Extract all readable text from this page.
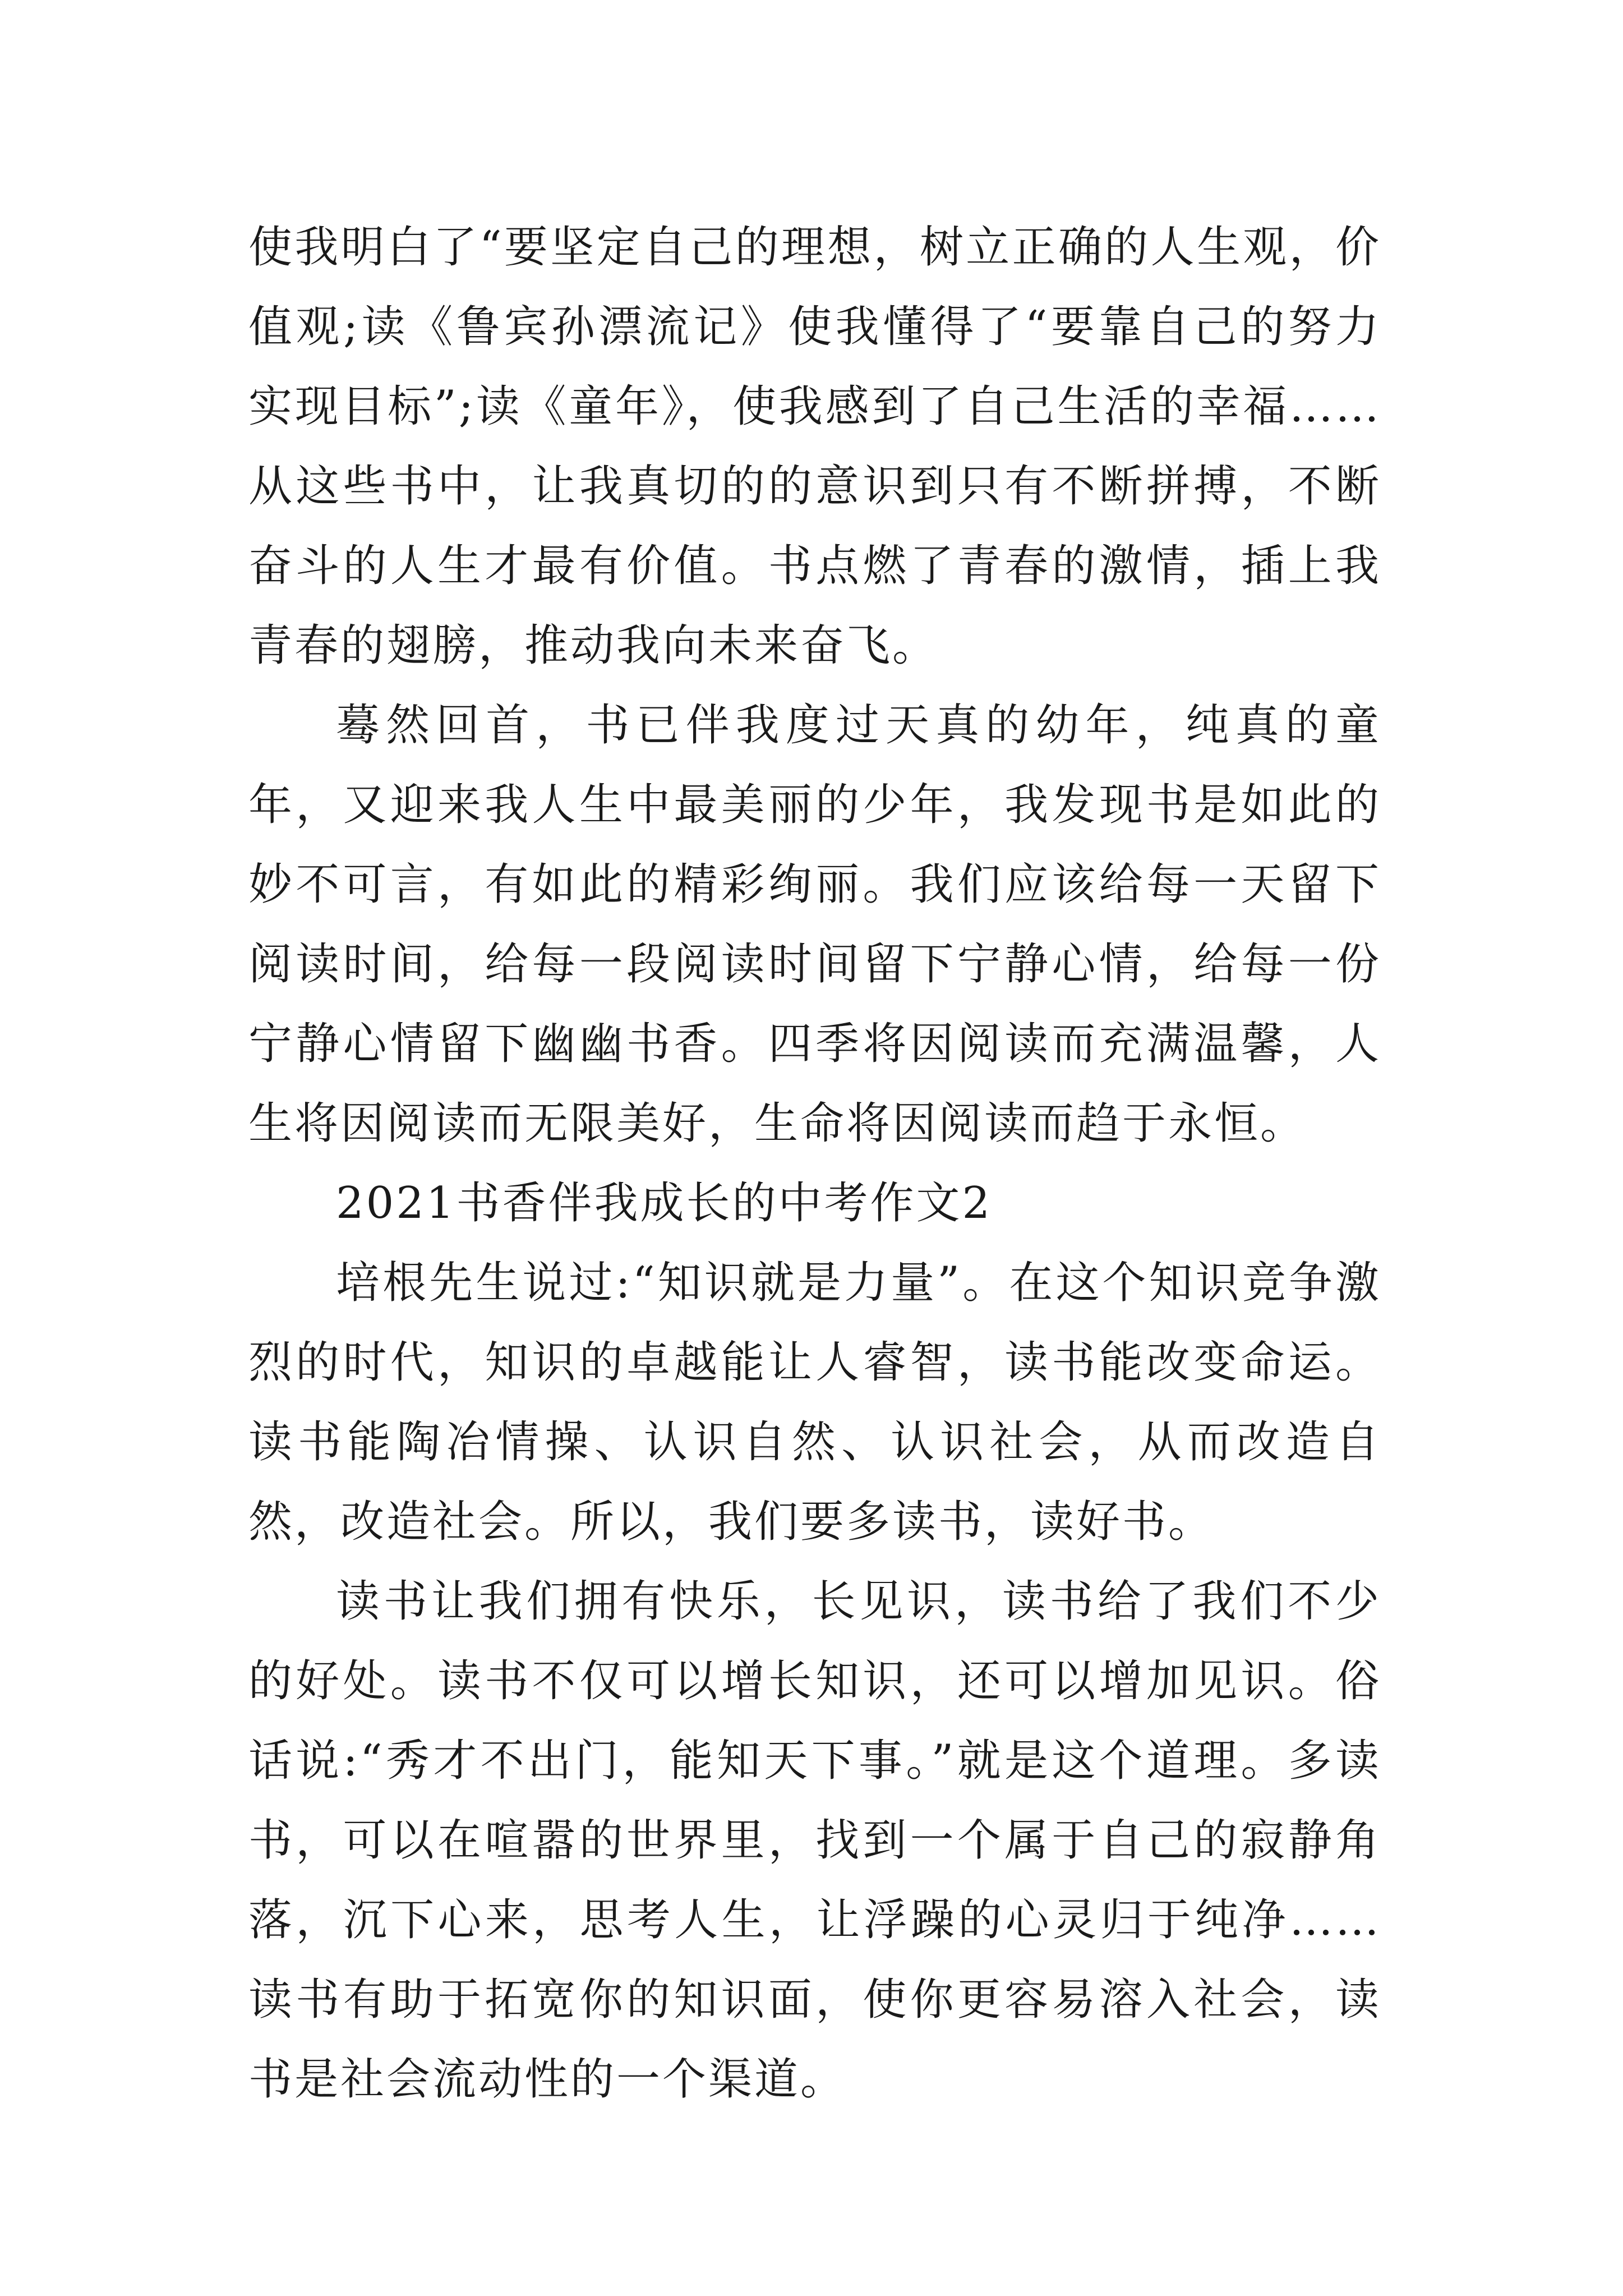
使我明白了“要坚定自己的理想，树立正确的人生观，价值观;读《鲁宾孙漂流记》使我懂得了“要靠自己的努力实现目标”;读《童年》，使我感到了自己生活的幸福……从这些书中，让我真切的的意识到只有不断拼搏，不断奋斗的人生才最有价值。书点燃了青春的激情，插上我青春的翅膀，推动我向未来奋飞。

蓦然回首，书已伴我度过天真的幼年，纯真的童年，又迎来我人生中最美丽的少年，我发现书是如此的妙不可言，有如此的精彩绚丽。我们应该给每一天留下阅读时间，给每一段阅读时间留下宁静心情，给每一份宁静心情留下幽幽书香。四季将因阅读而充满温馨，人生将因阅读而无限美好，生命将因阅读而趋于永恒。

2021书香伴我成长的中考作文2

培根先生说过:“知识就是力量”。在这个知识竞争激烈的时代，知识的卓越能让人睿智，读书能改变命运。读书能陶冶情操、认识自然、认识社会，从而改造自然，改造社会。所以，我们要多读书，读好书。

读书让我们拥有快乐，长见识，读书给了我们不少的好处。读书不仅可以增长知识，还可以增加见识。俗话说:“秀才不出门，能知天下事。”就是这个道理。多读书，可以在喧嚣的世界里，找到一个属于自己的寂静角落，沉下心来，思考人生，让浮躁的心灵归于纯净……读书有助于拓宽你的知识面，使你更容易溶入社会，读书是社会流动性的一个渠道。
